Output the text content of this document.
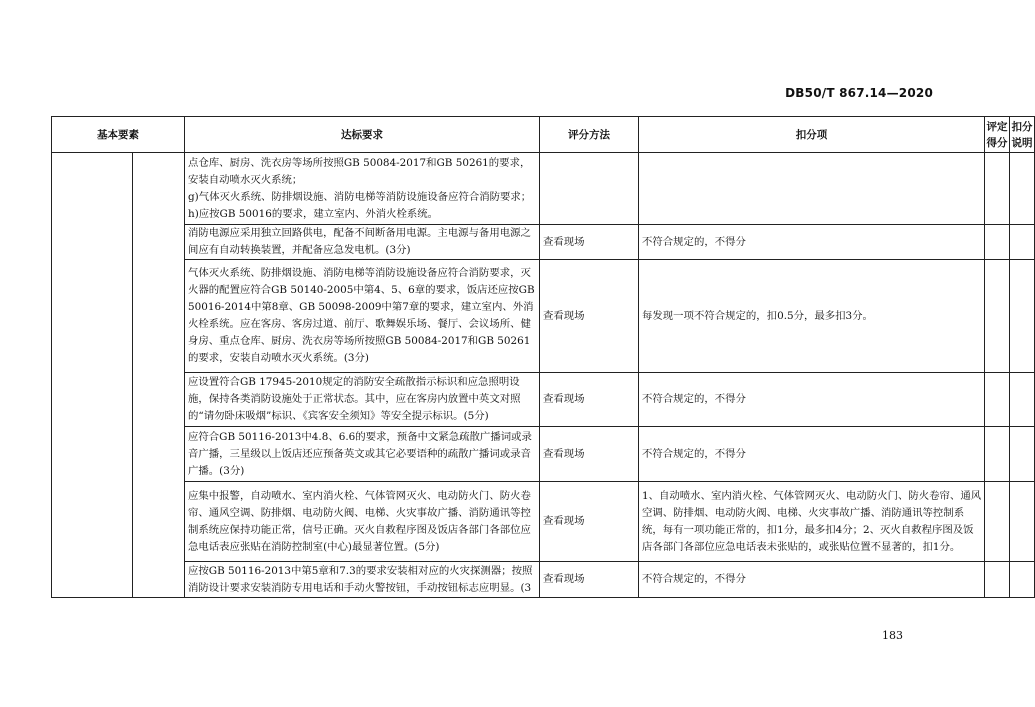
DB50/T 867.14—2020
基本要素		达标要求	评分方法	扣分项	评定得分	扣分说明
		点仓库、厨房、洗衣房等场所按照GB 50084-2017和GB 50261的要求，安装自动喷水灭火系统；
g)气体灭火系统、防排烟设施、消防电梯等消防设施设备应符合消防要求；
h)应按GB 50016的要求，建立室内、外消火栓系统。				
		消防电源应采用独立回路供电，配备不间断备用电源。主电源与备用电源之间应有自动转换装置，并配备应急发电机。(3分)	查看现场	不符合规定的，不得分		
		气体灭火系统、防排烟设施、消防电梯等消防设施设备应符合消防要求，灭火器的配置应符合GB 50140-2005中第4、5、6章的要求，饭店还应按GB 50016-2014中第8章、GB 50098-2009中第7章的要求，建立室内、外消火栓系统。应在客房、客房过道、前厅、歌舞娱乐场、餐厅、会议场所、健身房、重点仓库、厨房、洗衣房等场所按照GB 50084-2017和GB 50261的要求，安装自动喷水灭火系统。(3分)	查看现场	每发现一项不符合规定的，扣0.5分，最多扣3分。		
		应设置符合GB 17945-2010规定的消防安全疏散指示标识和应急照明设施，保持各类消防设施处于正常状态。其中，应在客房内放置中英文对照的“请勿卧床吸烟”标识、《宾客安全须知》等安全提示标识。(5分)	查看现场	不符合规定的，不得分		
		应符合GB 50116-2013中4.8、6.6的要求，预备中文紧急疏散广播词或录音广播，三星级以上饭店还应预备英文或其它必要语种的疏散广播词或录音广播。(3分)	查看现场	不符合规定的，不得分		
		应集中报警，自动喷水、室内消火栓、气体管网灭火、电动防火门、防火卷帘、通风空调、防排烟、电动防火阀、电梯、火灾事故广播、消防通讯等控制系统应保持功能正常，信号正确。灭火自救程序图及饭店各部门各部位应急电话表应张贴在消防控制室(中心)最显著位置。(5分)	查看现场	1、自动喷水、室内消火栓、气体管网灭火、电动防火门、防火卷帘、通风空调、防排烟、电动防火阀、电梯、火灾事故广播、消防通讯等控制系统，每有一项功能正常的，扣1分，最多扣4分；2、灭火自救程序图及饭店各部门各部位应急电话表未张贴的，或张贴位置不显著的，扣1分。		
		应按GB 50116-2013中第5章和7.3的要求安装相对应的火灾探测器；按照消防设计要求安装消防专用电话和手动火警按钮，手动按钮标志应明显。(3	查看现场	不符合规定的，不得分		
183
